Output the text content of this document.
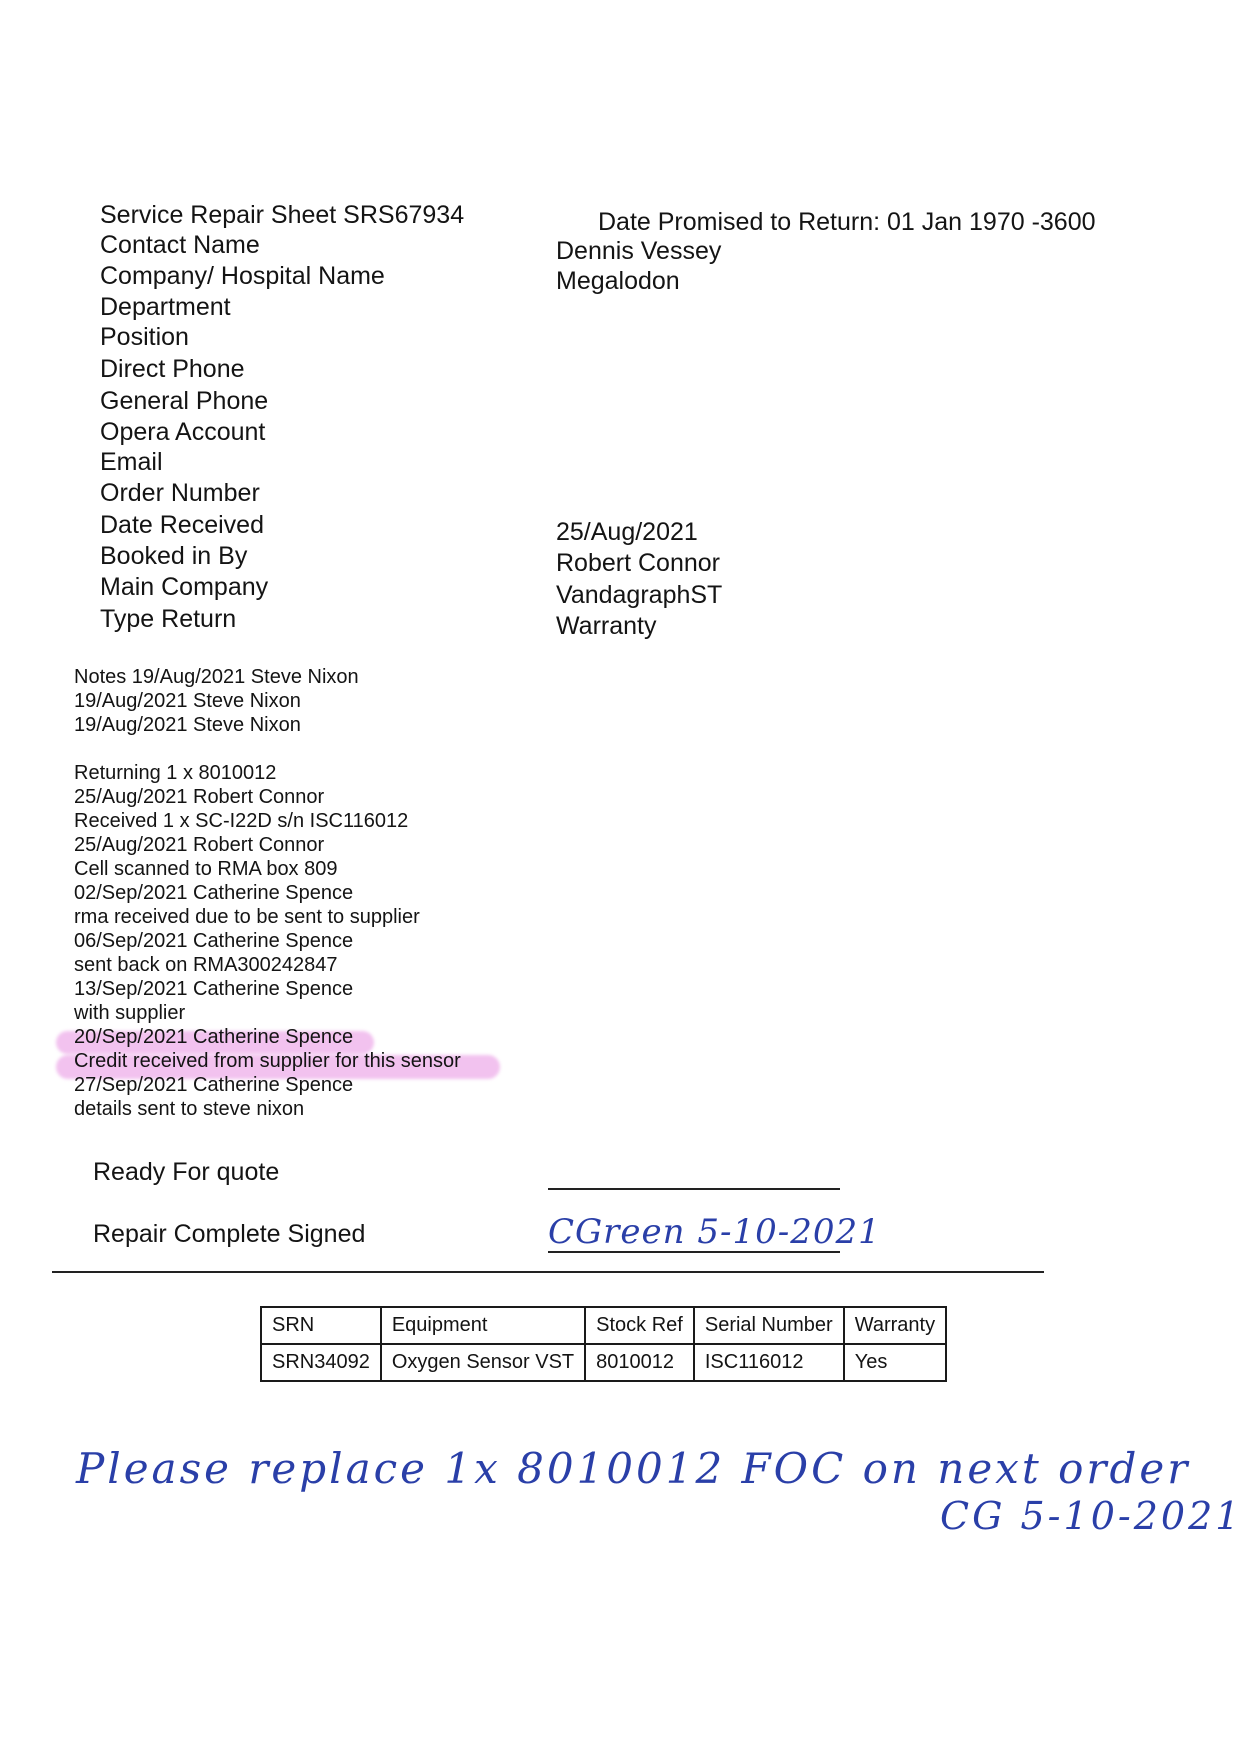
Service Repair Sheet SRS67934	Date Promised to Return: 01 Jan 1970 -3600
Contact Name	Dennis Vessey
Company/ Hospital Name	Megalodon
Department
Position
Direct Phone
General Phone
Opera Account
Email
Order Number
Date Received	25/Aug/2021
Booked in By	Robert Connor
Main Company	VandagraphST
Type Return	Warranty
Notes 19/Aug/2021 Steve Nixon
19/Aug/2021 Steve Nixon
19/Aug/2021 Steve Nixon
Returning 1 x 8010012
25/Aug/2021 Robert Connor
Received 1 x SC-I22D s/n ISC116012
25/Aug/2021 Robert Connor
Cell scanned to RMA box 809
02/Sep/2021 Catherine Spence
rma received due to be sent to supplier
06/Sep/2021 Catherine Spence
sent back on RMA300242847
13/Sep/2021 Catherine Spence
with supplier
20/Sep/2021 Catherine Spence
Credit received from supplier for this sensor
27/Sep/2021 Catherine Spence
details sent to steve nixon
Ready For quote
Repair Complete Signed	CGreen 5-10-2021
SRN	Equipment	Stock Ref	Serial Number	Warranty
SRN34092	Oxygen Sensor VST	8010012	ISC116012	Yes
Please replace 1x 8010012 FOC on next order
CG 5-10-2021
